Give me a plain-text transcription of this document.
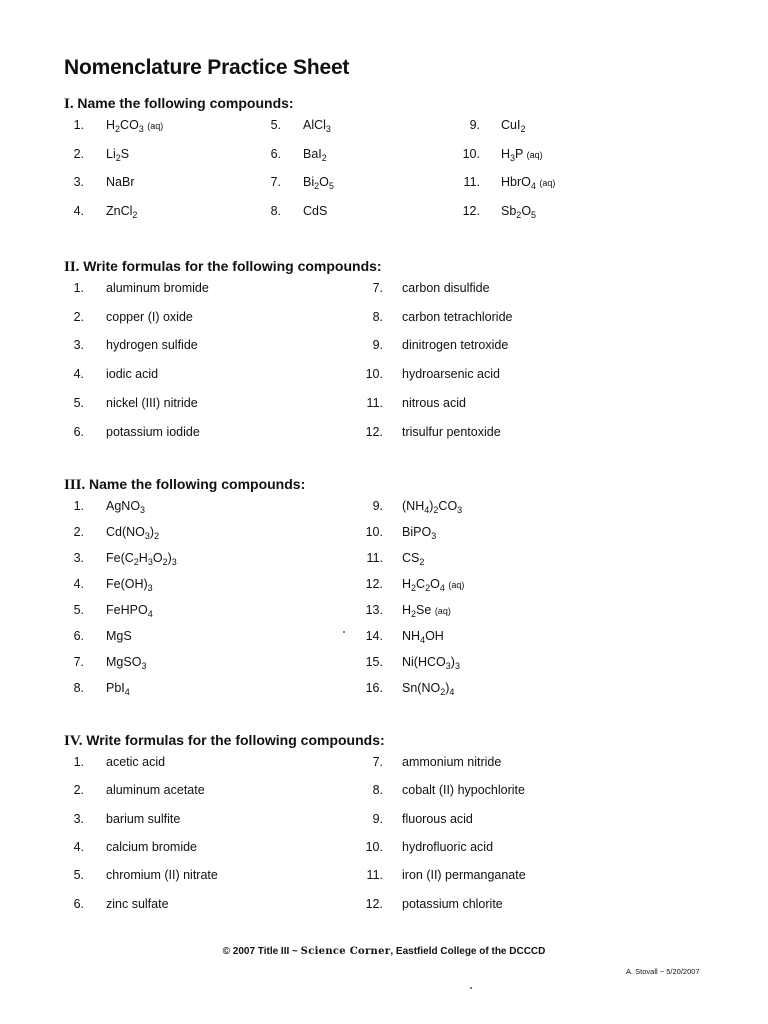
Nomenclature Practice Sheet
I. Name the following compounds:
1. $H_2CO_3$ (aq)
2. $Li_2S$
3. NaBr
4. ZnCl$_2$
5. AlCl$_3$
6. BaI$_2$
7. $Bi_2O_5$
8. CdS
9. CuI$_2$
10. $H_3P$ (aq)
11. HbrO$_4$ (aq)
12. $Sb_2O_5$
II. Write formulas for the following compounds:
1. aluminum bromide
2. copper (I) oxide
3. hydrogen sulfide
4. iodic acid
5. nickel (III) nitride
6. potassium iodide
7. carbon disulfide
8. carbon tetrachloride
9. dinitrogen tetroxide
10. hydroarsenic acid
11. nitrous acid
12. trisulfur pentoxide
III. Name the following compounds:
1. AgNO$_3$
2. $Cd(NO_3)_2$
3. $Fe(C_2H_3O_2)_3$
4. $Fe(OH)_3$
5. FeHPO$_4$
6. MgS
7. MgSO$_3$
8. PbI$_4$
9. $(NH_4)_2CO_3$
10. BiPO$_3$
11. $CS_2$
12. $H_2C_2O_4$ (aq)
13. $H_2Se$ (aq)
14. $NH_4OH$
15. $Ni(HCO_3)_3$
16. $Sn(NO_2)_4$
IV. Write formulas for the following compounds:
1. acetic acid
2. aluminum acetate
3. barium sulfite
4. calcium bromide
5. chromium (II) nitrate
6. zinc sulfate
7. ammonium nitride
8. cobalt (II) hypochlorite
9. fluorous acid
10. hydrofluoric acid
11. iron (II) permanganate
12. potassium chlorite
© 2007 Title III ~ Science Corner, Eastfield College of the DCCCD
A. Stovall ~ 5/20/2007
